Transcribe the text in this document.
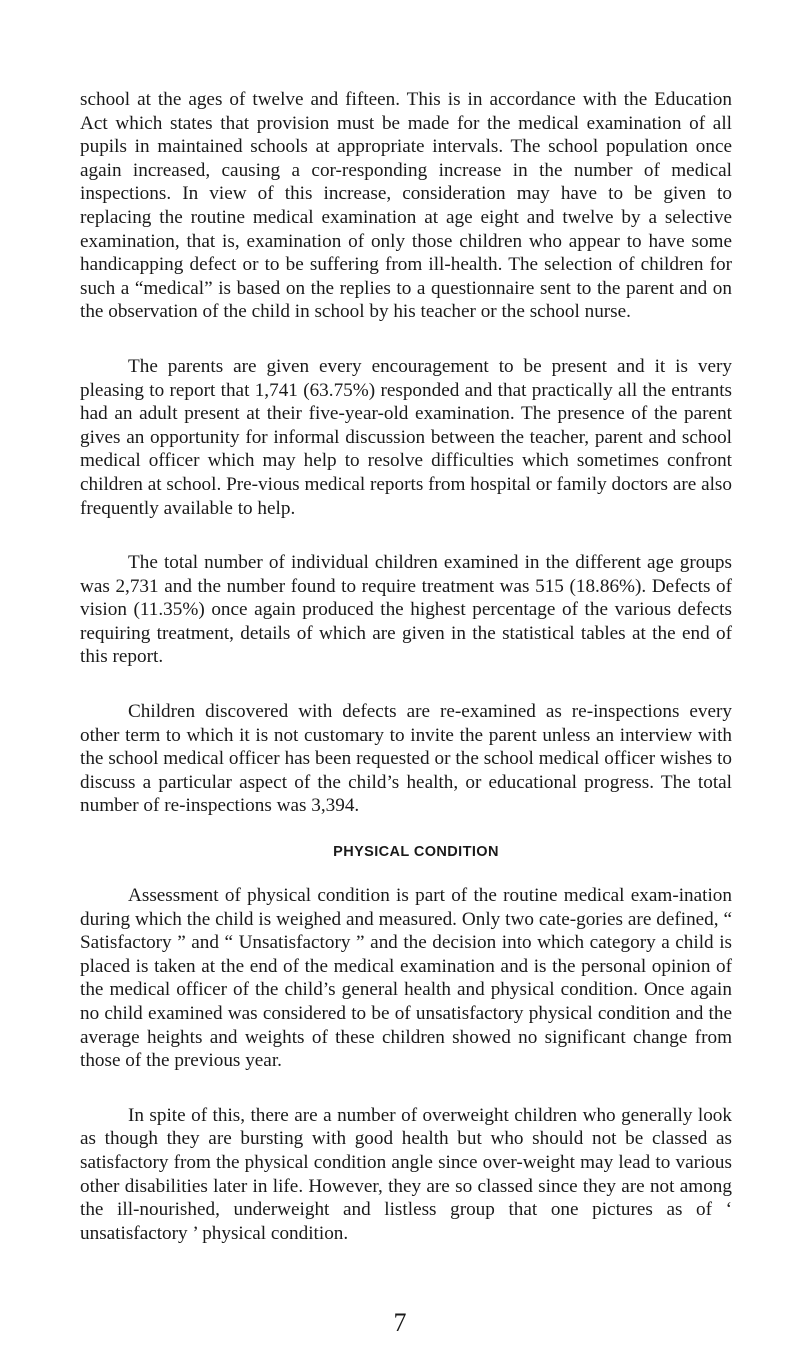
school at the ages of twelve and fifteen. This is in accordance with the Education Act which states that provision must be made for the medical examination of all pupils in maintained schools at appropriate intervals. The school population once again increased, causing a cor-responding increase in the number of medical inspections. In view of this increase, consideration may have to be given to replacing the routine medical examination at age eight and twelve by a selective examination, that is, examination of only those children who appear to have some handicapping defect or to be suffering from ill-health. The selection of children for such a “medical” is based on the replies to a questionnaire sent to the parent and on the observation of the child in school by his teacher or the school nurse.

The parents are given every encouragement to be present and it is very pleasing to report that 1,741 (63.75%) responded and that practically all the entrants had an adult present at their five-year-old examination. The presence of the parent gives an opportunity for informal discussion between the teacher, parent and school medical officer which may help to resolve difficulties which sometimes confront children at school. Pre-vious medical reports from hospital or family doctors are also frequently available to help.

The total number of individual children examined in the different age groups was 2,731 and the number found to require treatment was 515 (18.86%). Defects of vision (11.35%) once again produced the highest percentage of the various defects requiring treatment, details of which are given in the statistical tables at the end of this report.

Children discovered with defects are re-examined as re-inspections every other term to which it is not customary to invite the parent unless an interview with the school medical officer has been requested or the school medical officer wishes to discuss a particular aspect of the child’s health, or educational progress. The total number of re-inspections was 3,394.

PHYSICAL CONDITION

Assessment of physical condition is part of the routine medical exam-ination during which the child is weighed and measured. Only two cate-gories are defined, “ Satisfactory ” and “ Unsatisfactory ” and the decision into which category a child is placed is taken at the end of the medical examination and is the personal opinion of the medical officer of the child’s general health and physical condition. Once again no child examined was considered to be of unsatisfactory physical condition and the average heights and weights of these children showed no significant change from those of the previous year.

In spite of this, there are a number of overweight children who generally look as though they are bursting with good health but who should not be classed as satisfactory from the physical condition angle since over-weight may lead to various other disabilities later in life. However, they are so classed since they are not among the ill-nourished, underweight and listless group that one pictures as of ‘ unsatisfactory ’ physical condition.

7
